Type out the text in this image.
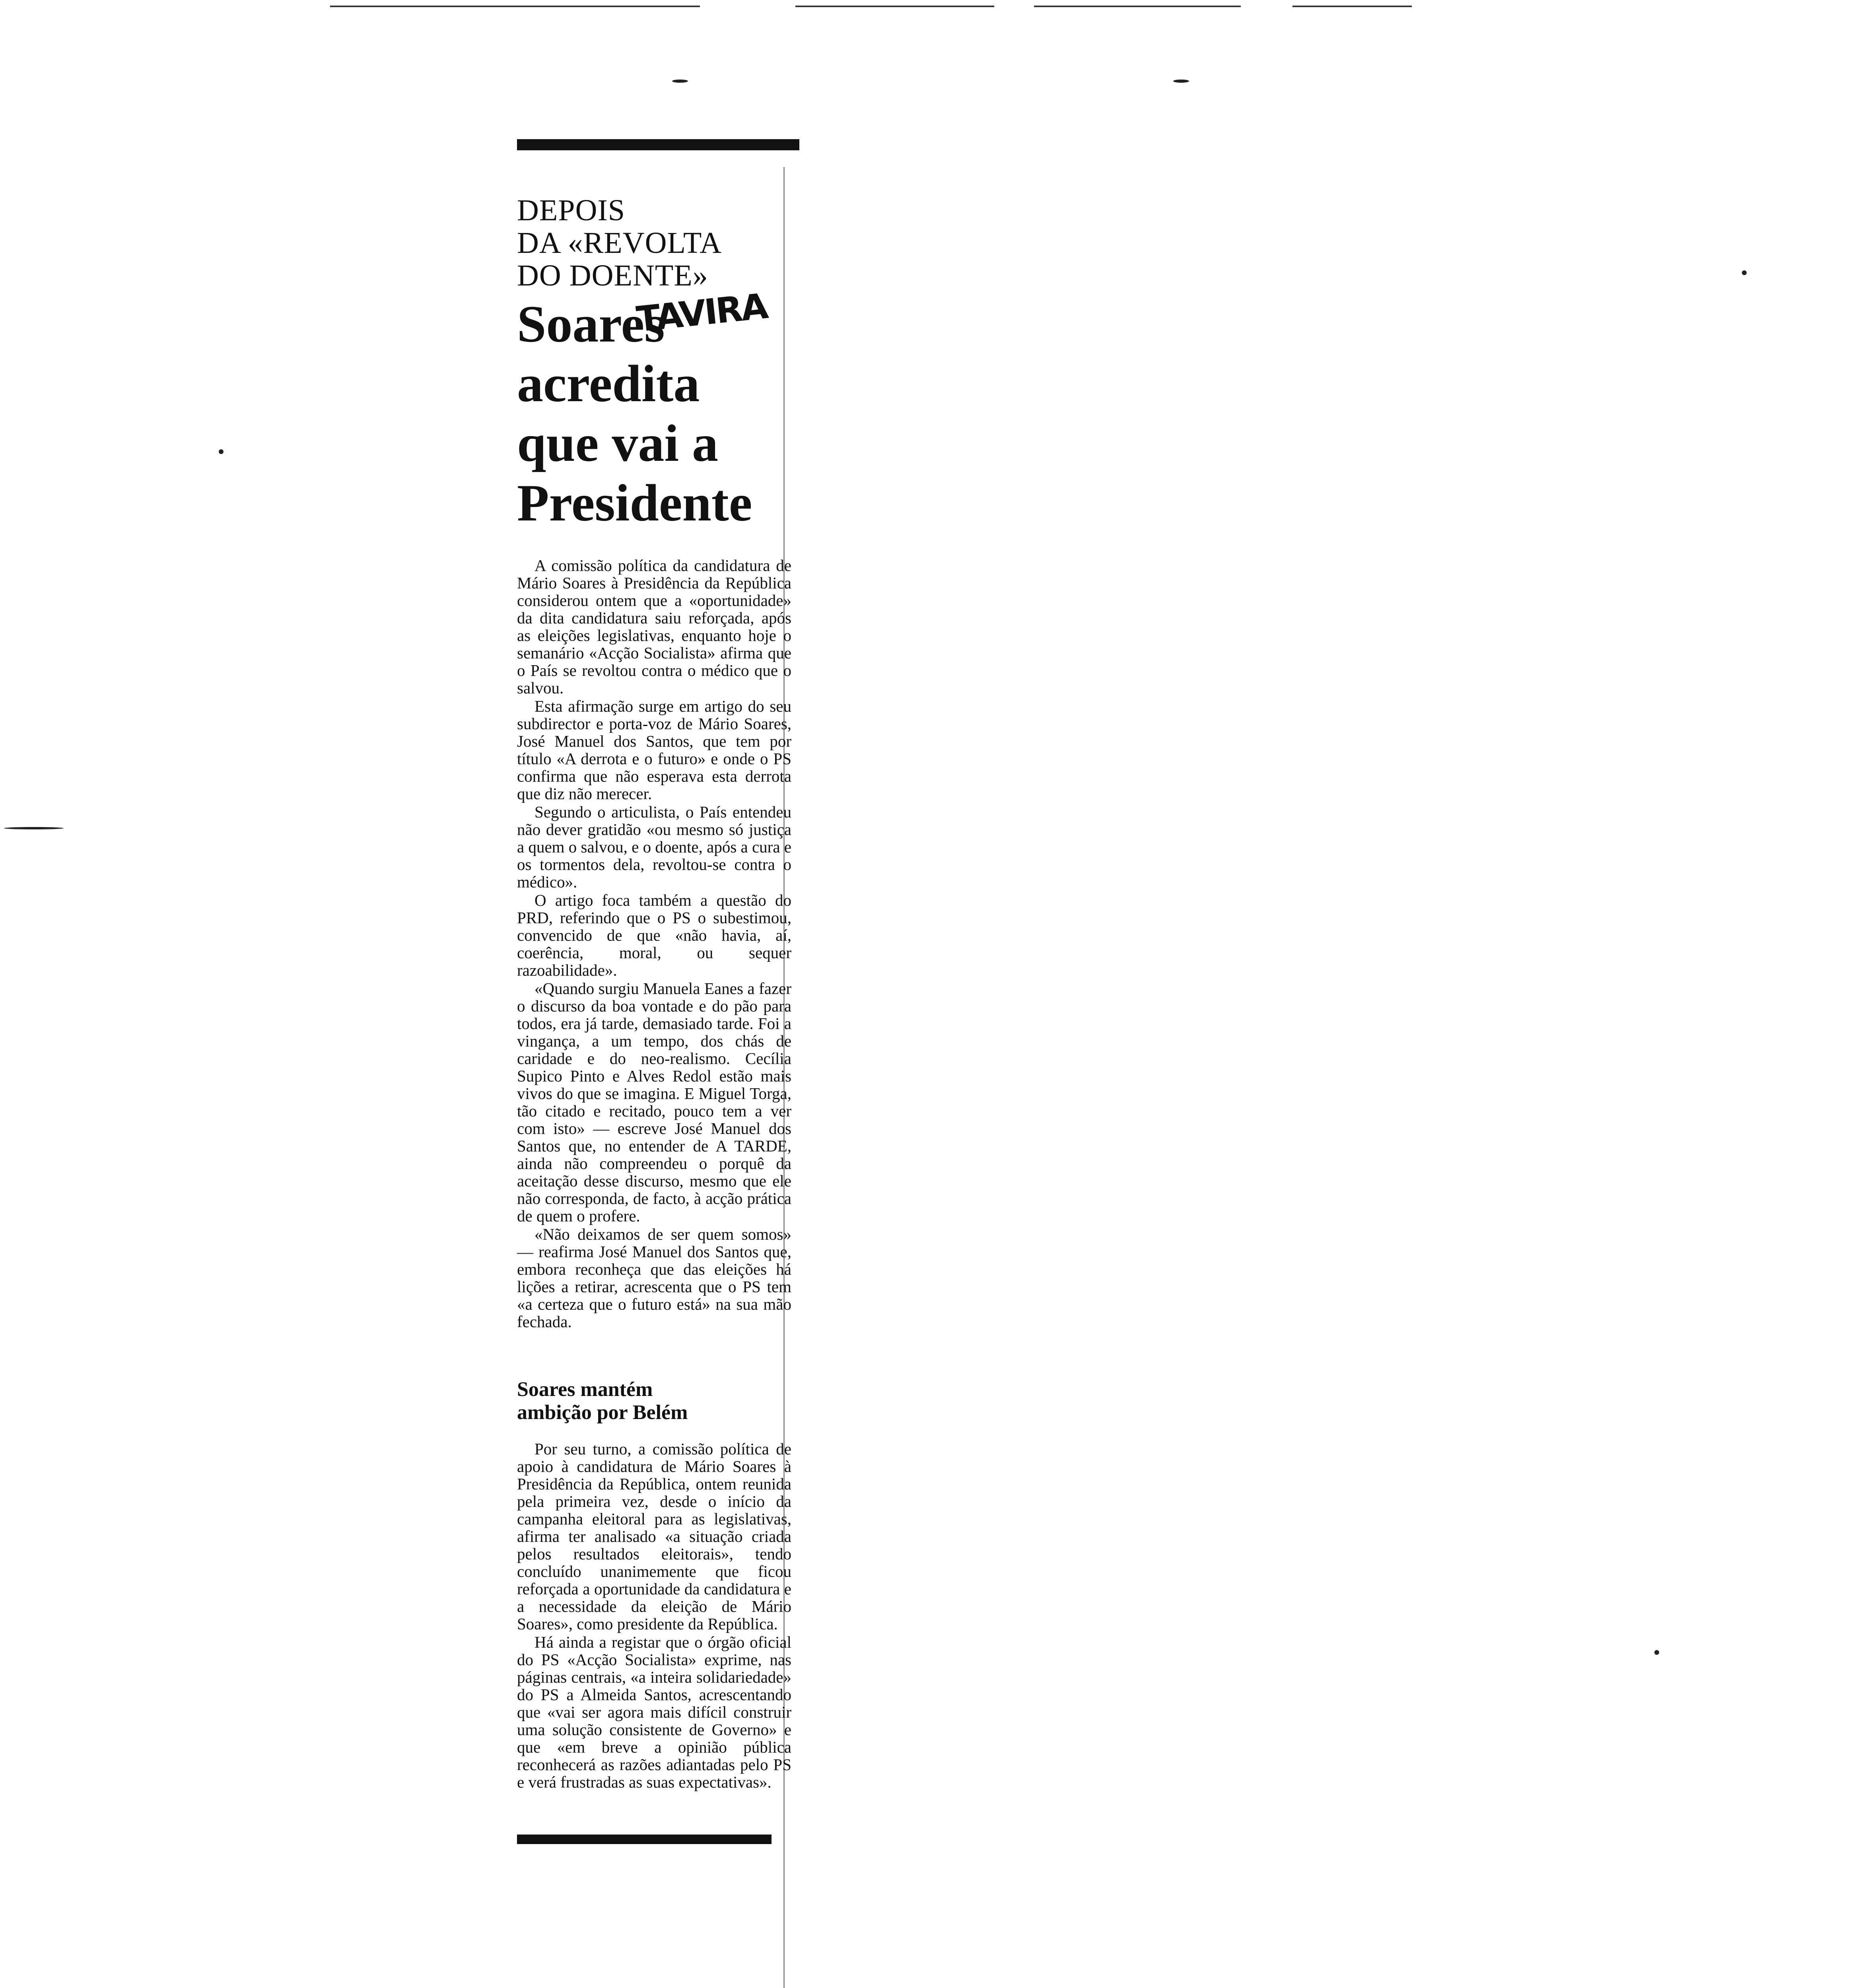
DEPOIS
DA «REVOLTA
DO DOENTE»
TAVIRA
Soares
acredita
que vai a
Presidente

A comissão política da candidatura de Mário Soares à Presidência da República considerou ontem que a «oportunidade» da dita candidatura saiu reforçada, após as eleições legislativas, enquanto hoje o semanário «Acção Socialista» afirma que o País se revoltou contra o médico que o salvou.

Esta afirmação surge em artigo do seu subdirector e porta-voz de Mário Soares, José Manuel dos Santos, que tem por título «A derrota e o futuro» e onde o PS confirma que não esperava esta derrota que diz não merecer.

Segundo o articulista, o País entendeu não dever gratidão «ou mesmo só justiça a quem o salvou, e o doente, após a cura e os tormentos dela, revoltou-se contra o médico».

O artigo foca também a questão do PRD, referindo que o PS o subestimou, convencido de que «não havia, aí, coerência, moral, ou sequer razoabilidade».

«Quando surgiu Manuela Eanes a fazer o discurso da boa vontade e do pão para todos, era já tarde, demasiado tarde. Foi a vingança, a um tempo, dos chás de caridade e do neo-realismo. Cecília Supico Pinto e Alves Redol estão mais vivos do que se imagina. E Miguel Torga, tão citado e recitado, pouco tem a ver com isto» — escreve José Manuel dos Santos que, no entender de A TARDE, ainda não compreendeu o porquê da aceitação desse discurso, mesmo que ele não corresponda, de facto, à acção prática de quem o profere.

«Não deixamos de ser quem somos» — reafirma José Manuel dos Santos que, embora reconheça que das eleições há lições a retirar, acrescenta que o PS tem «a certeza que o futuro está» na sua mão fechada.

Soares mantém
ambição por Belém

Por seu turno, a comissão política de apoio à candidatura de Mário Soares à Presidência da República, ontem reunida pela primeira vez, desde o início da campanha eleitoral para as legislativas, afirma ter analisado «a situação criada pelos resultados eleitorais», tendo concluído unanimemente que ficou reforçada a oportunidade da candidatura e a necessidade da eleição de Mário Soares», como presidente da República.

Há ainda a registar que o órgão oficial do PS «Acção Socialista» exprime, nas páginas centrais, «a inteira solidariedade» do PS a Almeida Santos, acrescentando que «vai ser agora mais difícil construir uma solução consistente de Governo» e que «em breve a opinião pública reconhecerá as razões adiantadas pelo PS e verá frustradas as suas expectativas».
